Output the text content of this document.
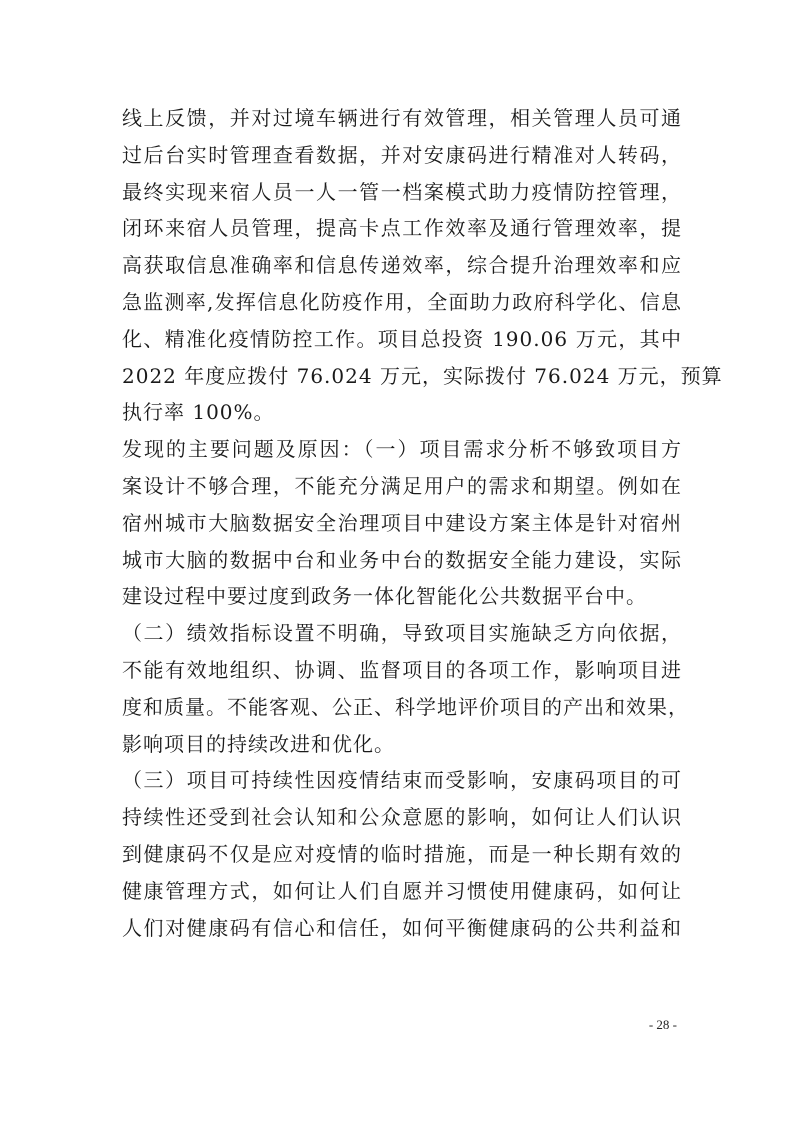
线上反馈，并对过境车辆进行有效管理，相关管理人员可通
过后台实时管理查看数据，并对安康码进行精准对人转码，
最终实现来宿人员一人一管一档案模式助力疫情防控管理，
闭环来宿人员管理，提高卡点工作效率及通行管理效率，提
高获取信息准确率和信息传递效率，综合提升治理效率和应
急监测率,发挥信息化防疫作用，全面助力政府科学化、信息
化、精准化疫情防控工作。项目总投资 190.06 万元，其中
2022 年度应拨付 76.024 万元，实际拨付 76.024 万元，预算
执行率 100%。
发现的主要问题及原因：（一）项目需求分析不够致项目方
案设计不够合理，不能充分满足用户的需求和期望。例如在
宿州城市大脑数据安全治理项目中建设方案主体是针对宿州
城市大脑的数据中台和业务中台的数据安全能力建设，实际
建设过程中要过度到政务一体化智能化公共数据平台中。
（二）绩效指标设置不明确，导致项目实施缺乏方向依据，
不能有效地组织、协调、监督项目的各项工作，影响项目进
度和质量。不能客观、公正、科学地评价项目的产出和效果，
影响项目的持续改进和优化。
（三）项目可持续性因疫情结束而受影响，安康码项目的可
持续性还受到社会认知和公众意愿的影响，如何让人们认识
到健康码不仅是应对疫情的临时措施，而是一种长期有效的
健康管理方式，如何让人们自愿并习惯使用健康码，如何让
人们对健康码有信心和信任，如何平衡健康码的公共利益和
- 28 -
